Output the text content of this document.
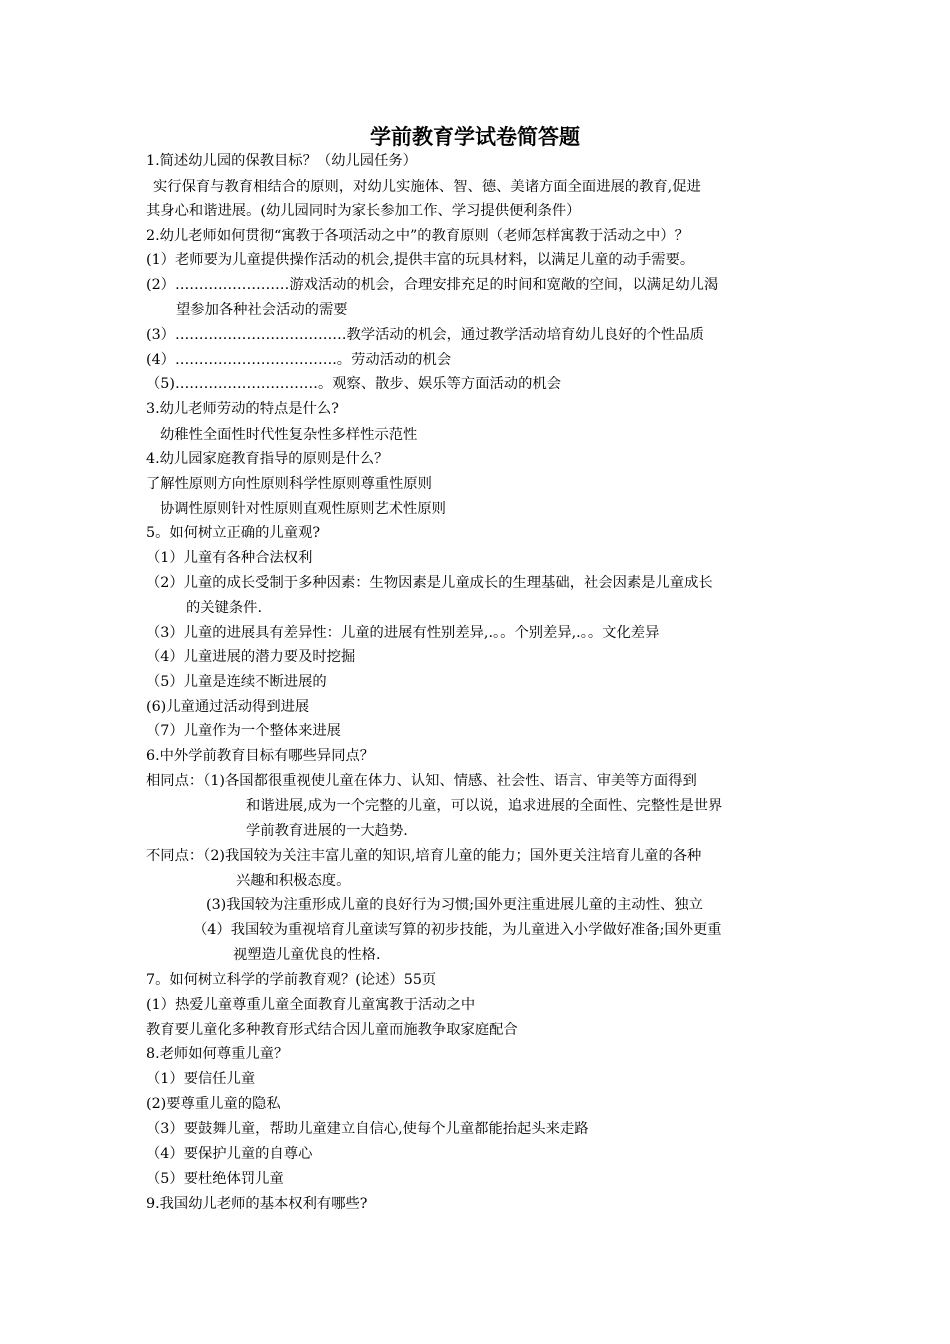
学前教育学试卷简答题
1.简述幼儿园的保教目标？（幼儿园任务）
实行保育与教育相结合的原则，对幼儿实施体、智、德、美诸方面全面进展的教育,促进
其身心和谐进展。(幼儿园同时为家长参加工作、学习提供便利条件）
2.幼儿老师如何贯彻“寓教于各项活动之中”的教育原则（老师怎样寓教于活动之中）？
(1）老师要为儿童提供操作活动的机会,提供丰富的玩具材料，以满足儿童的动手需要。
(2）……………………游戏活动的机会，合理安排充足的时间和宽敞的空间，以满足幼儿渴
望参加各种社会活动的需要
(3）………………………………教学活动的机会，通过教学活动培育幼儿良好的个性品质
(4）…………………………….。劳动活动的机会
（5)…………………………。观察、散步、娱乐等方面活动的机会
3.幼儿老师劳动的特点是什么?
幼稚性全面性时代性复杂性多样性示范性
4.幼儿园家庭教育指导的原则是什么？
了解性原则方向性原则科学性原则尊重性原则
协调性原则针对性原则直观性原则艺术性原则
5。如何树立正确的儿童观?
（1）儿童有各种合法权利
（2）儿童的成长受制于多种因素：生物因素是儿童成长的生理基础，社会因素是儿童成长
的关键条件.
（3）儿童的进展具有差异性：儿童的进展有性别差异,.。。个别差异,.。。文化差异
（4）儿童进展的潜力要及时挖掘
（5）儿童是连续不断进展的
(6)儿童通过活动得到进展
（7）儿童作为一个整体来进展
6.中外学前教育目标有哪些异同点？
相同点：（1)各国都很重视使儿童在体力、认知、情感、社会性、语言、审美等方面得到
和谐进展,成为一个完整的儿童，可以说，追求进展的全面性、完整性是世界
学前教育进展的一大趋势.
不同点：（2)我国较为关注丰富儿童的知识,培育儿童的能力；国外更关注培育儿童的各种
兴趣和积极态度。
(3)我国较为注重形成儿童的良好行为习惯;国外更注重进展儿童的主动性、独立
（4）我国较为重视培育儿童读写算的初步技能，为儿童进入小学做好准备;国外更重
视塑造儿童优良的性格.
7。如何树立科学的学前教育观？(论述）55页
(1）热爱儿童尊重儿童全面教育儿童寓教于活动之中
教育要儿童化多种教育形式结合因儿童而施教争取家庭配合
8.老师如何尊重儿童？
（1）要信任儿童
(2)要尊重儿童的隐私
（3）要鼓舞儿童，帮助儿童建立自信心,使每个儿童都能抬起头来走路
（4）要保护儿童的自尊心
（5）要杜绝体罚儿童
9.我国幼儿老师的基本权利有哪些?
